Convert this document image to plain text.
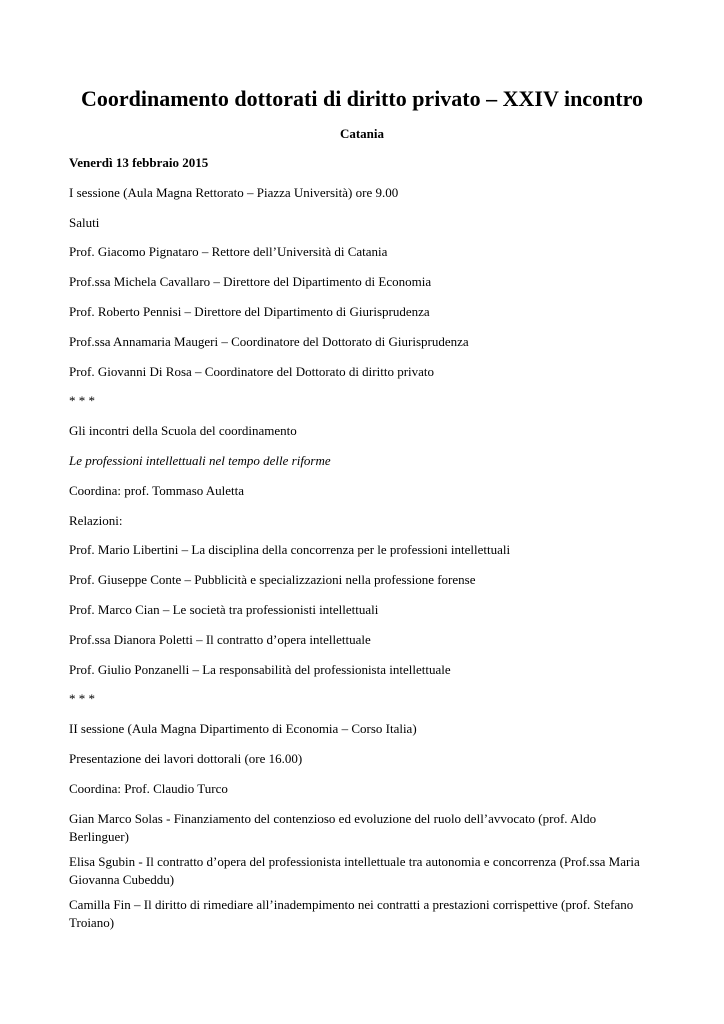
Coordinamento dottorati di diritto privato – XXIV incontro
Catania

Venerdì 13 febbraio 2015

I sessione (Aula Magna Rettorato – Piazza Università) ore 9.00

Saluti

Prof. Giacomo Pignataro – Rettore dell’Università di Catania

Prof.ssa Michela Cavallaro – Direttore del Dipartimento di Economia

Prof. Roberto Pennisi – Direttore del Dipartimento di Giurisprudenza

Prof.ssa Annamaria Maugeri – Coordinatore del Dottorato di Giurisprudenza

Prof. Giovanni Di Rosa – Coordinatore del Dottorato di diritto privato

* * *

Gli incontri della Scuola del coordinamento

Le professioni intellettuali nel tempo delle riforme

Coordina: prof. Tommaso Auletta

Relazioni:

Prof. Mario Libertini – La disciplina della concorrenza per le professioni intellettuali

Prof. Giuseppe Conte – Pubblicità e specializzazioni nella professione forense

Prof. Marco Cian – Le società tra professionisti intellettuali

Prof.ssa Dianora Poletti – Il contratto d’opera intellettuale

Prof. Giulio Ponzanelli – La responsabilità del professionista intellettuale

* * *

II sessione (Aula Magna Dipartimento di Economia – Corso Italia)

Presentazione dei lavori dottorali (ore 16.00)

Coordina: Prof. Claudio Turco

Gian Marco Solas - Finanziamento del contenzioso ed evoluzione del ruolo dell’avvocato (prof. Aldo Berlinguer)

Elisa Sgubin - Il contratto d’opera del professionista intellettuale tra autonomia e concorrenza (Prof.ssa Maria Giovanna Cubeddu)

Camilla Fin – Il diritto di rimediare all’inadempimento nei contratti a prestazioni corrispettive (prof. Stefano Troiano)
